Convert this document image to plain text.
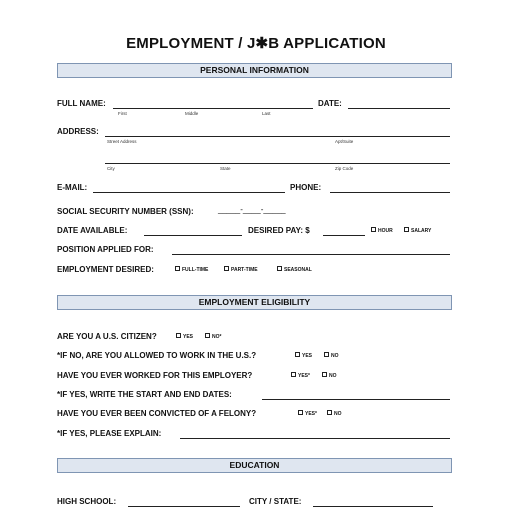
EMPLOYMENT / J✱B APPLICATION
PERSONAL INFORMATION
FULL NAME:
First	Middle	Last
DATE:
ADDRESS:
Street Address	Apt/Suite
City	State	Zip Code
E-MAIL:	PHONE:
SOCIAL SECURITY NUMBER (SSN):	_____-____-_____
DATE AVAILABLE:	DESIRED PAY: $	HOUR	SALARY
POSITION APPLIED FOR:
EMPLOYMENT DESIRED:	FULL-TIME	PART-TIME	SEASONAL
EMPLOYMENT ELIGIBILITY
ARE YOU A U.S. CITIZEN?	YES	NO*
*IF NO, ARE YOU ALLOWED TO WORK IN THE U.S.?	YES	NO
HAVE YOU EVER WORKED FOR THIS EMPLOYER?	YES*	NO
*IF YES, WRITE THE START AND END DATES:
HAVE YOU EVER BEEN CONVICTED OF A FELONY?	YES*	NO
*IF YES, PLEASE EXPLAIN:
EDUCATION
HIGH SCHOOL:	CITY / STATE:
